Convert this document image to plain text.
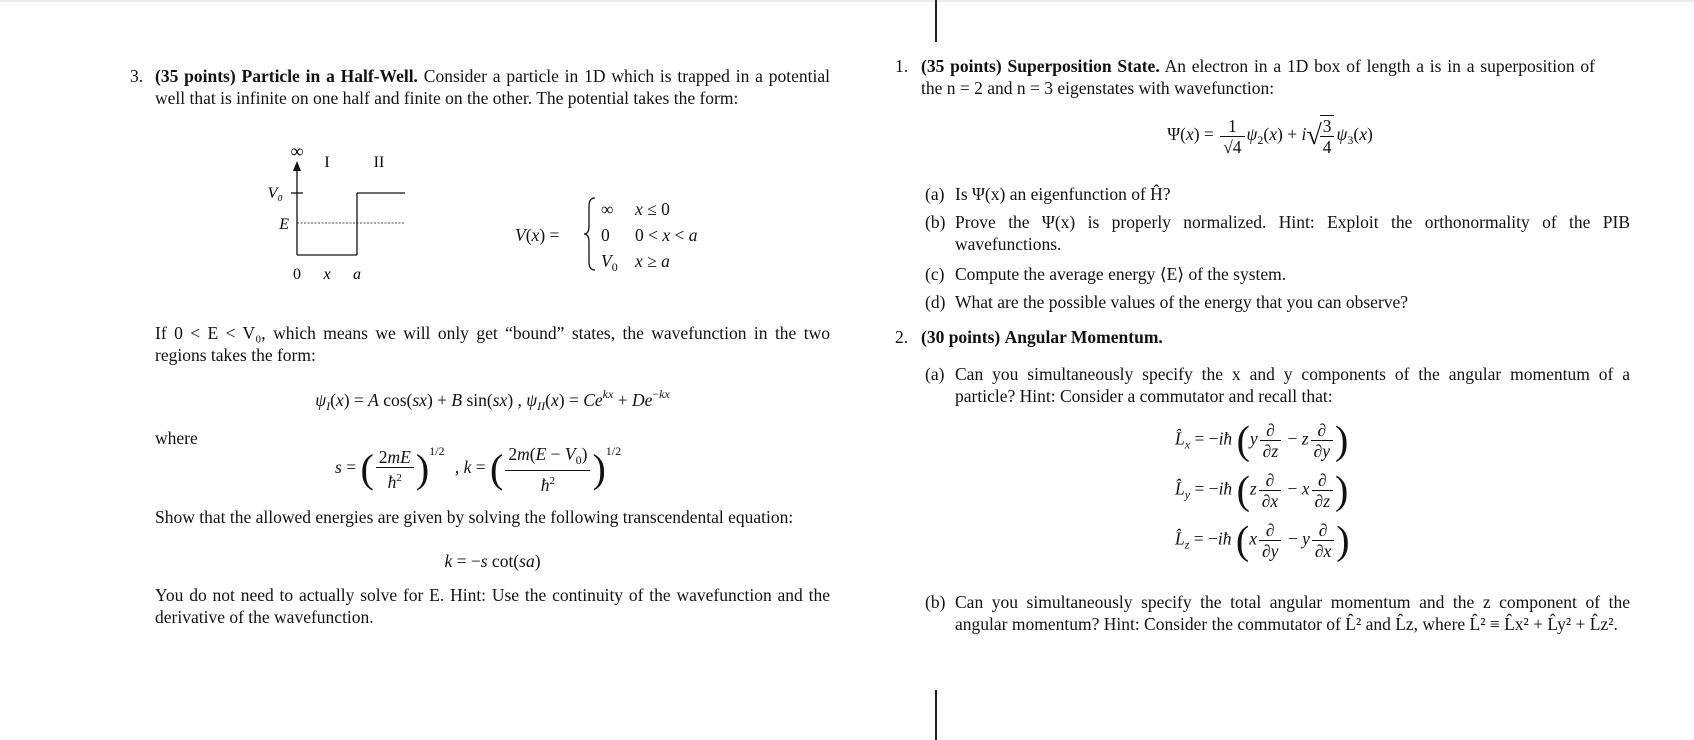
3. (35 points) Particle in a Half-Well. Consider a particle in 1D which is trapped in a potential well that is infinite on one half and finite on the other. The potential takes the form:
∞
I	II
V₀
E
0 x a
V(x) =
∞ x ≤ 0
0 0 < x < a
$V_0$ x ≥ a
If 0 < E < V₀, which means we will only get “bound” states, the wavefunction in the two regions takes the form:
$\psi_I(x) = A$ cos(sx) + B sin(sx) , $\psi_{II}(x) = Ce^{kx} + De^{-kx}$
where
s = ( $\frac{2mE}{ħ^2} )^{1/2}$ , k = ( $\frac{2m(E - V_0)}{ħ^2} )^{1/2}$
Show that the allowed energies are given by solving the following transcendental equation:
k = −s cot(sa)
You do not need to actually solve for E. Hint: Use the continuity of the wavefunction and the derivative of the wavefunction.
1. (35 points) Superposition State. An electron in a 1D box of length a is in a superposition of the n = 2 and n = 3 eigenstates with wavefunction:
$\Psi(x) = \frac{1}{√4} \psi_2(x) + i√$
$\frac{3}{4} \psi_3(x)$
(a) Is Ψ(x) an eigenfunction of Ĥ?
(b) Prove the Ψ(x) is properly normalized. Hint: Exploit the orthonormality of the PIB wavefunctions.
(c) Compute the average energy ⟨E⟩ of the system.
(d) What are the possible values of the energy that you can observe?
2. (30 points) Angular Momentum.
(a) Can you simultaneously specify the x and y components of the angular momentum of a particle? Hint: Consider a commutator and recall that:
$L̂_x$ = −iħ ($y \frac{\partial}{\partial z} - z \frac{\partial}{\partial y}$ )
$L̂_y$ = −iħ ($z \frac{\partial}{\partial x} - x \frac{\partial}{\partial z}$ )
$L̂_z$ = −iħ ($x \frac{\partial}{\partial y} - y \frac{\partial}{\partial x}$ )
(b) Can you simultaneously specify the total angular momentum and the z component of the angular momentum? Hint: Consider the commutator of L̂² and L̂z, where L̂² ≡ L̂x² + L̂y² + L̂z².
